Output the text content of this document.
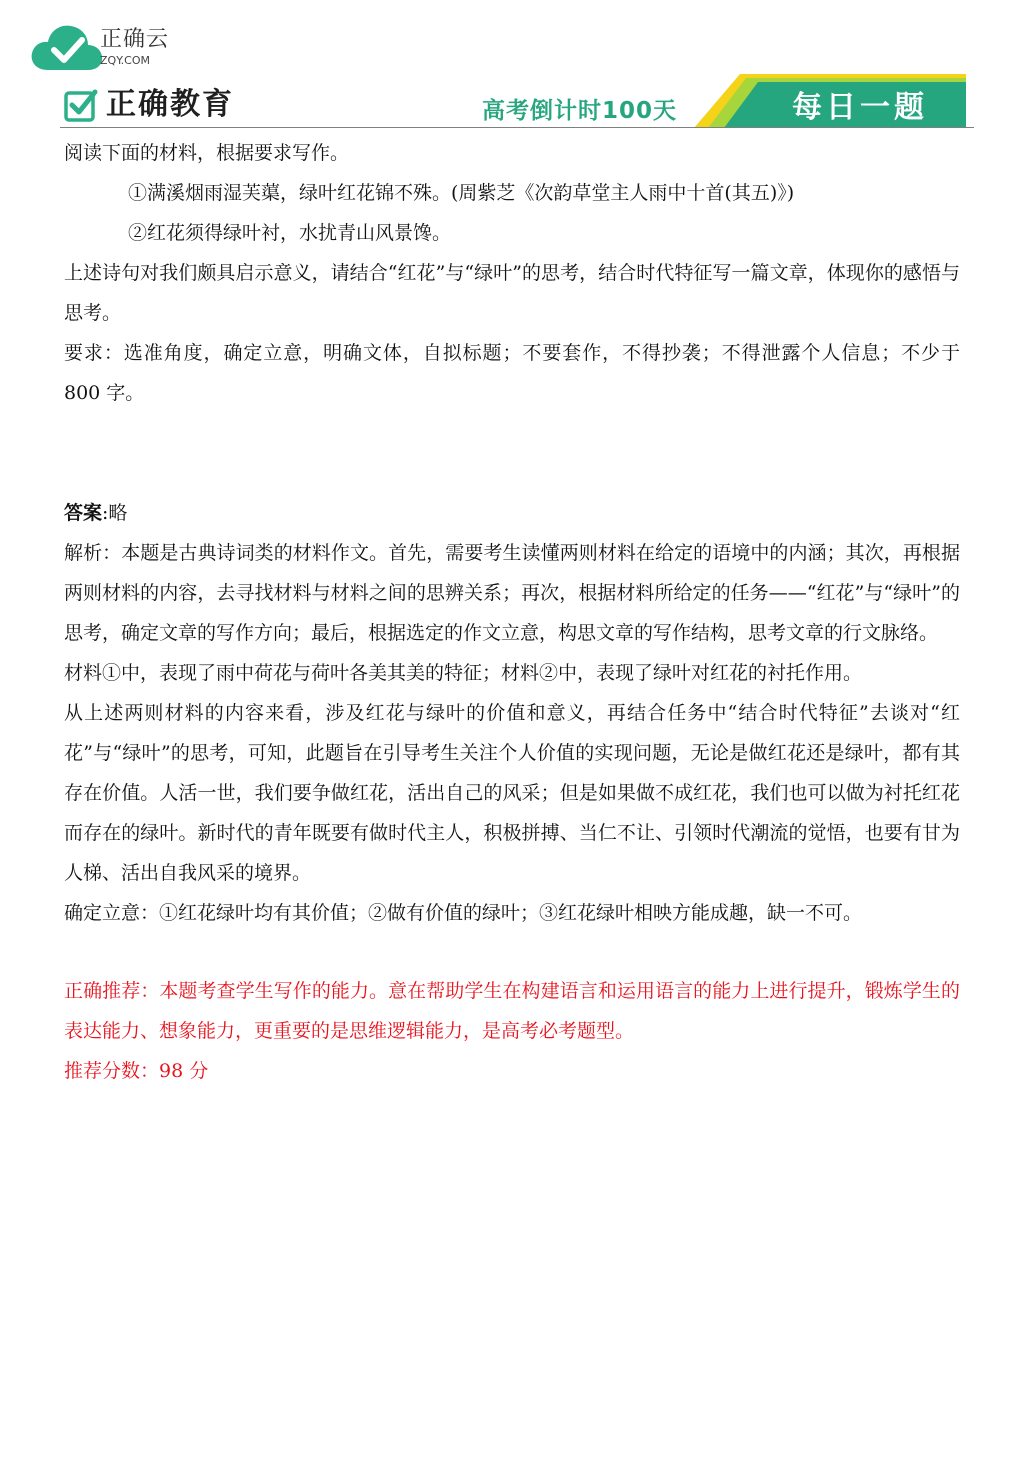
正确云
ZQY.COM
正确教育	高考倒计时100天	每日一题

阅读下面的材料，根据要求写作。

①满溪烟雨湿芙蕖，绿叶红花锦不殊。(周紫芝《次韵草堂主人雨中十首(其五)》)

②红花须得绿叶衬，水扰青山风景馋。

上述诗句对我们颇具启示意义，请结合“红花”与“绿叶”的思考，结合时代特征写一篇文章，体现你的感悟与思考。

要求：选准角度，确定立意，明确文体，自拟标题；不要套作，不得抄袭；不得泄露个人信息；不少于 800 字。

答案:略

解析：本题是古典诗词类的材料作文。首先，需要考生读懂两则材料在给定的语境中的内涵；其次，再根据两则材料的内容，去寻找材料与材料之间的思辨关系；再次，根据材料所给定的任务——“红花”与“绿叶”的思考，确定文章的写作方向；最后，根据选定的作文立意，构思文章的写作结构，思考文章的行文脉络。

材料①中，表现了雨中荷花与荷叶各美其美的特征；材料②中，表现了绿叶对红花的衬托作用。

从上述两则材料的内容来看，涉及红花与绿叶的价值和意义，再结合任务中“结合时代特征”去谈对“红花”与“绿叶”的思考，可知，此题旨在引导考生关注个人价值的实现问题，无论是做红花还是绿叶，都有其存在价值。人活一世，我们要争做红花，活出自己的风采；但是如果做不成红花，我们也可以做为衬托红花而存在的绿叶。新时代的青年既要有做时代主人，积极拼搏、当仁不让、引领时代潮流的觉悟，也要有甘为人梯、活出自我风采的境界。

确定立意：①红花绿叶均有其价值；②做有价值的绿叶；③红花绿叶相映方能成趣，缺一不可。

正确推荐：本题考查学生写作的能力。意在帮助学生在构建语言和运用语言的能力上进行提升，锻炼学生的表达能力、想象能力，更重要的是思维逻辑能力，是高考必考题型。

推荐分数：98 分
